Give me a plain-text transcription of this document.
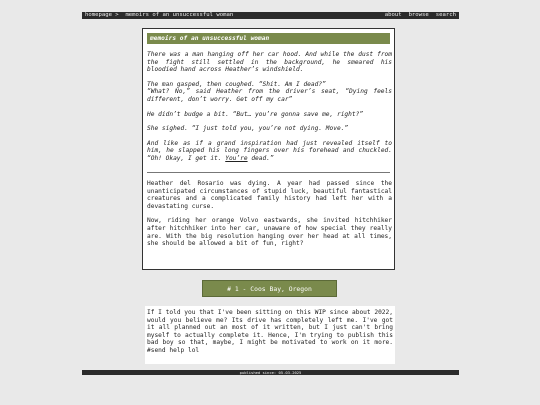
homepage > memoirs of an unsuccessful woman	about browse search
memoirs of an unsuccessful woman

There was a man hanging off her car hood. And while the dust from the fight still settled in the background, he smeared his bloodied hand across Heather’s windshield.

The man gasped, then coughed. “Shit. Am I dead?”
“What? No,” said Heather from the driver’s seat, “Dying feels different, don’t worry. Get off my car”

He didn’t budge a bit. “But… you’re gonna save me, right?”

She sighed. “I just told you, you’re not dying. Move.”

And like as if a grand inspiration had just revealed itself to him, he slapped his long fingers over his forehead and chuckled. “Oh! Okay, I get it. You’re dead.”

Heather del Rosario was dying. A year had passed since the unanticipated circumstances of stupid luck, beautiful fantastical creatures and a complicated family history had left her with a devastating curse.

Now, riding her orange Volvo eastwards, she invited hitchhiker after hitchhiker into her car, unaware of how special they really are. With the big resolution hanging over her head at all times, she should be allowed a bit of fun, right?

# 1 - Coos Bay, Oregon
If I told you that I've been sitting on this WIP since about 2022, would you believe me? Its drive has completely left me. I've got it all planned out an most of it written, but I just can't bring myself to actually complete it. Hence, I'm trying to publish this bad boy so that, maybe, I might be motivated to work on it more. #send help lol
published since: 05.03.2025
